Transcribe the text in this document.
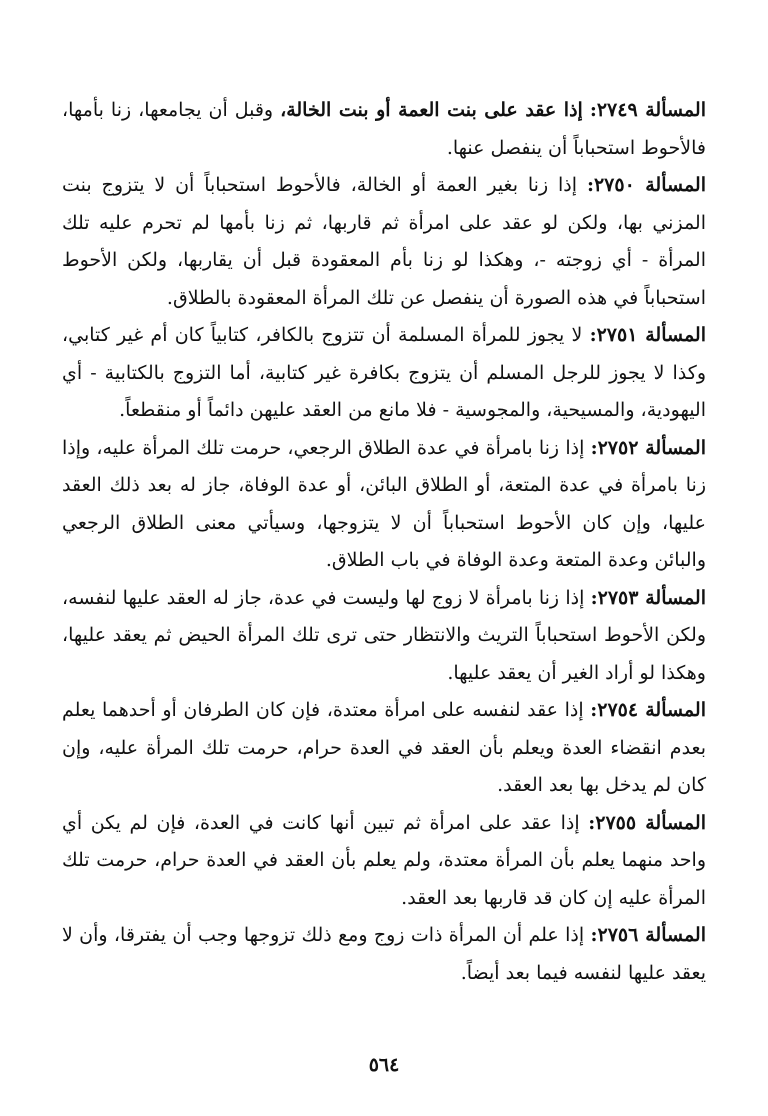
المسألة ٢٧٤٩: إذا عقد على بنت العمة أو بنت الخالة، وقبل أن يجامعها، زنا بأمها، فالأحوط استحباباً أن ينفصل عنها.

المسألة ٢٧٥٠: إذا زنا بغير العمة أو الخالة، فالأحوط استحباباً أن لا يتزوج بنت المزني بها، ولكن لو عقد على امرأة ثم قاربها، ثم زنا بأمها لم تحرم عليه تلك المرأة - أي زوجته -، وهكذا لو زنا بأم المعقودة قبل أن يقاربها، ولكن الأحوط استحباباً في هذه الصورة أن ينفصل عن تلك المرأة المعقودة بالطلاق.

المسألة ٢٧٥١: لا يجوز للمرأة المسلمة أن تتزوج بالكافر، كتابياً كان أم غير كتابي، وكذا لا يجوز للرجل المسلم أن يتزوج بكافرة غير كتابية، أما التزوج بالكتابية - أي اليهودية، والمسيحية، والمجوسية - فلا مانع من العقد عليهن دائماً أو منقطعاً.

المسألة ٢٧٥٢: إذا زنا بامرأة في عدة الطلاق الرجعي، حرمت تلك المرأة عليه، وإذا زنا بامرأة في عدة المتعة، أو الطلاق البائن، أو عدة الوفاة، جاز له بعد ذلك العقد عليها، وإن كان الأحوط استحباباً أن لا يتزوجها، وسيأتي معنى الطلاق الرجعي والبائن وعدة المتعة وعدة الوفاة في باب الطلاق.

المسألة ٢٧٥٣: إذا زنا بامرأة لا زوج لها وليست في عدة، جاز له العقد عليها لنفسه، ولكن الأحوط استحباباً التريث والانتظار حتى ترى تلك المرأة الحيض ثم يعقد عليها، وهكذا لو أراد الغير أن يعقد عليها.

المسألة ٢٧٥٤: إذا عقد لنفسه على امرأة معتدة، فإن كان الطرفان أو أحدهما يعلم بعدم انقضاء العدة ويعلم بأن العقد في العدة حرام، حرمت تلك المرأة عليه، وإن كان لم يدخل بها بعد العقد.

المسألة ٢٧٥٥: إذا عقد على امرأة ثم تبين أنها كانت في العدة، فإن لم يكن أي واحد منهما يعلم بأن المرأة معتدة، ولم يعلم بأن العقد في العدة حرام، حرمت تلك المرأة عليه إن كان قد قاربها بعد العقد.

المسألة ٢٧٥٦: إذا علم أن المرأة ذات زوج ومع ذلك تزوجها وجب أن يفترقا، وأن لا يعقد عليها لنفسه فيما بعد أيضاً.

٥٦٤
